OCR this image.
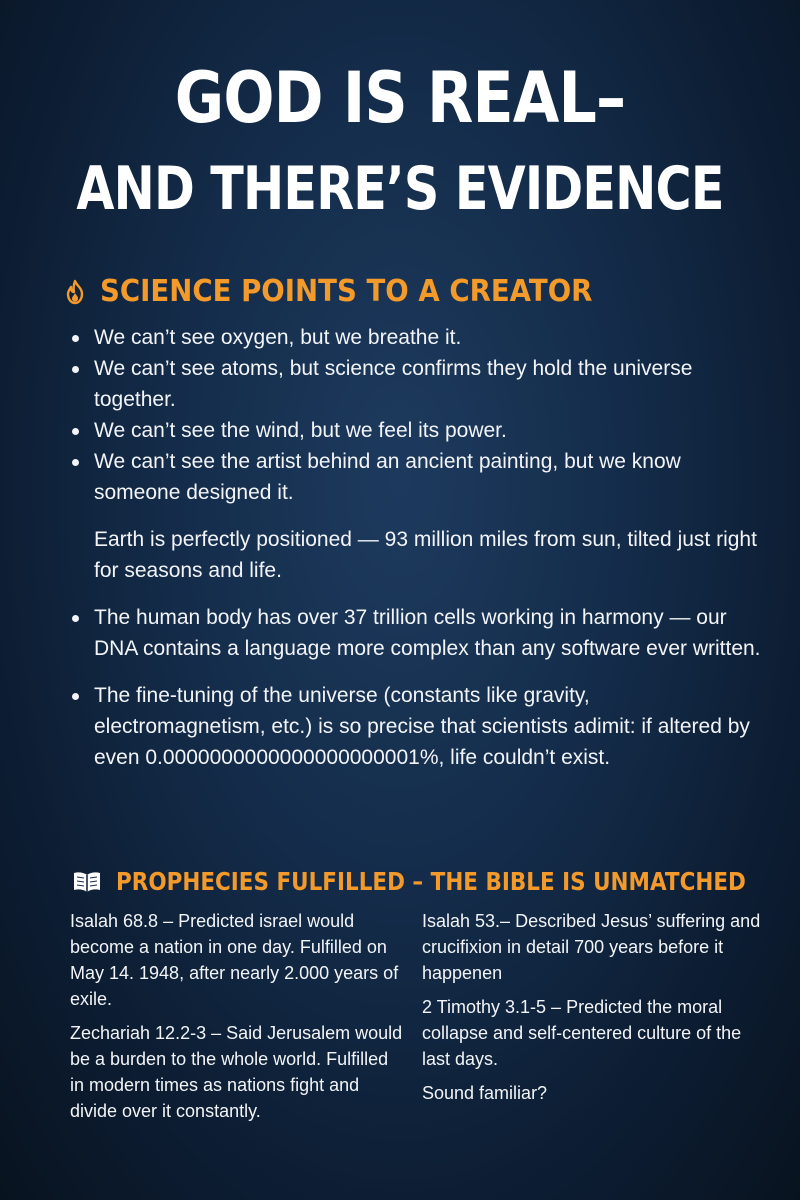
GOD IS REAL–
AND THERE’S EVIDENCE
SCIENCE POINTS TO A CREATOR
We can’t see oxygen, but we breathe it.
We can’t see atoms, but science confirms they hold the universe together.
We can’t see the wind, but we feel its power.
We can’t see the artist behind an ancient painting, but we know someone designed it.

Earth is perfectly positioned — 93 million miles from sun, tilted just right for seasons and life.

The human body has over 37 trillion cells working in harmony — our DNA contains a language more complex than any software ever written.
The fine-tuning of the universe (constants like gravity, electromagnetism, etc.) is so precise that scientists adimit: if altered by even 0.0000000000000000000001%, life couldn’t exist.
PROPHECIES FULFILLED – THE BIBLE IS UNMATCHED

Isalah 68.8 – Predicted israel would become a nation in one day. Fulfilled on May 14. 1948, after nearly 2.000 years of exile.

Zechariah 12.2-3 – Said Jerusalem would be a burden to the whole world. Fulfilled in modern times as nations fight and divide over it constantly.

Isalah 53.– Described Jesus’ suffering and crucifixion in detail 700 years before it happenen

2 Timothy 3.1-5 – Predicted the moral collapse and self-centered culture of the last days.

Sound familiar?
